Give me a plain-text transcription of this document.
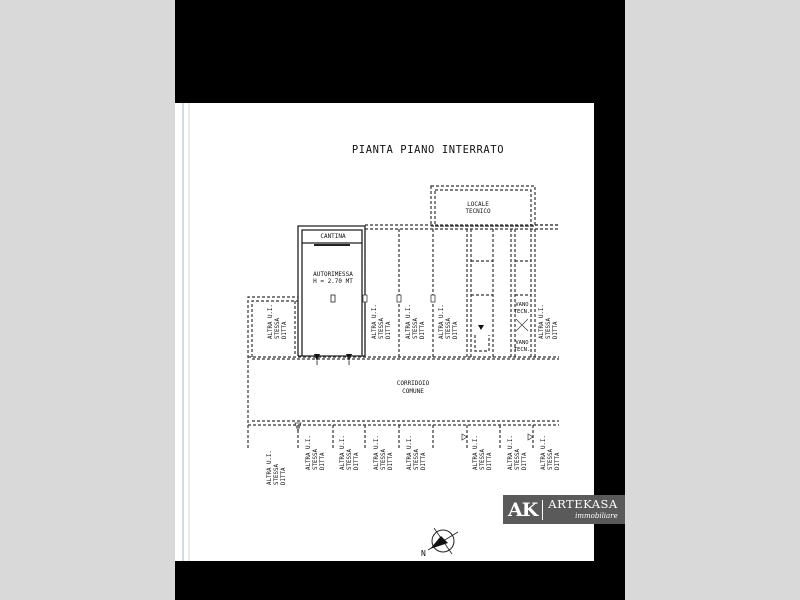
PIANTA PIANO INTERRATO
LOCALE
TECNICO
CANTINA
AUTORIMESSA
H = 2.70 MT
VANO
TECN.
VANO
TECN.
CORRIDOIO
COMUNE
ALTRA U.I. STESSA DITTA	ALTRA U.I. STESSA DITTA ALTRA U.I. STESSA DITTA ALTRA U.I. STESSA DITTA	ALTRA U.I. STESSA DITTA
ALTRA U.I. STESSA DITTA
ALTRA U.I. STESSA DITTA ALTRA U.I. STESSA DITTA ALTRA U.I. STESSA DITTA ALTRA U.I. STESSA DITTA	ALTRA U.I. STESSA DITTA	ALTRA U.I. STESSA DITTA ALTRA U.I. STESSA DITTA
N
AK ARTEKASA
immobiliare
